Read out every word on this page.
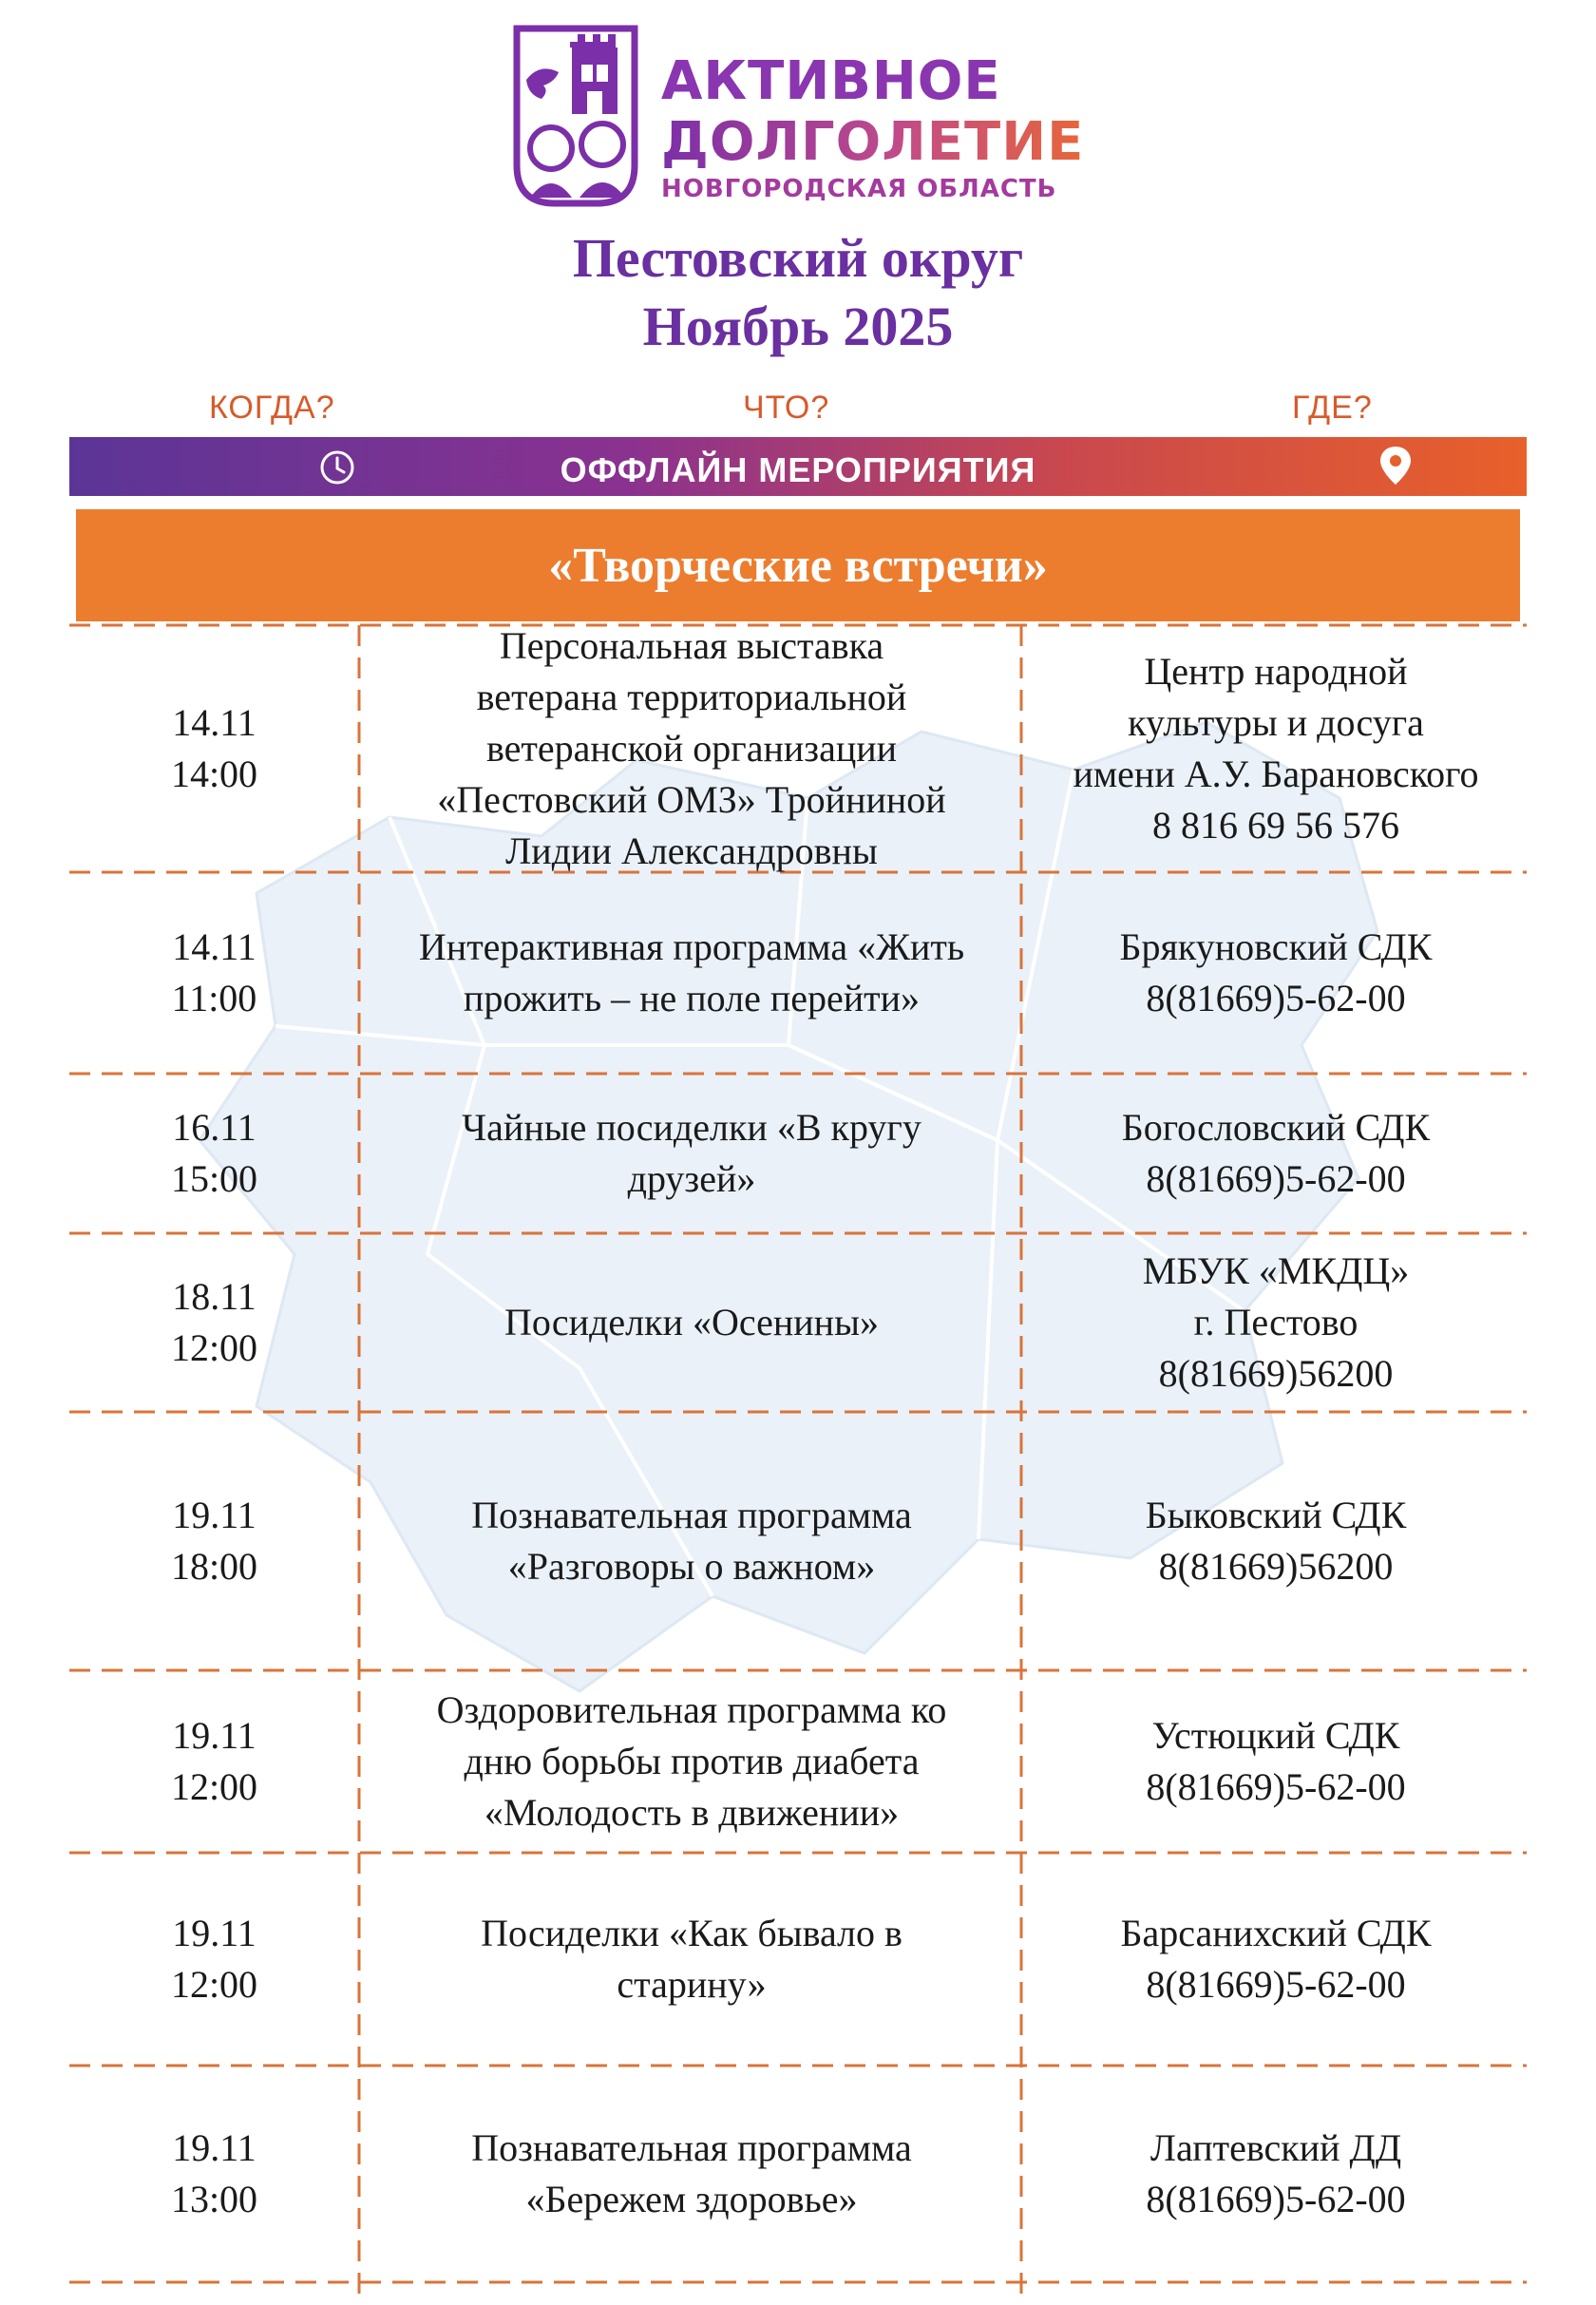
АКТИВНОЕ
ДОЛГОЛЕТИЕ
НОВГОРОДСКАЯ ОБЛАСТЬ
Пестовский округ
Ноябрь 2025
КОГДА?	ЧТО?	ГДЕ?
ОФФЛАЙН МЕРОПРИЯТИЯ
«Творческие встречи»
14.11
14:00
Персональная выставка
ветерана территориальной
ветеранской организации
«Пестовский ОМЗ» Тройниной
Лидии Александровны
Центр народной
культуры и досуга
имени А.У. Барановского
8 816 69 56 576
14.11
11:00
Интерактивная программа «Жить
прожить – не поле перейти»
Брякуновский СДК
8(81669)5-62-00
16.11
15:00
Чайные посиделки «В кругу
друзей»
Богословский СДК
8(81669)5-62-00
18.11
12:00
Посиделки «Осенины»
МБУК «МКДЦ»
г. Пестово
8(81669)56200
19.11
18:00
Познавательная программа
«Разговоры о важном»
Быковский СДК
8(81669)56200
19.11
12:00
Оздоровительная программа ко
дню борьбы против диабета
«Молодость в движении»
Устюцкий СДК
8(81669)5-62-00
19.11
12:00
Посиделки «Как бывало в
старину»
Барсанихский СДК
8(81669)5-62-00
19.11
13:00
Познавательная программа
«Бережем здоровье»
Лаптевский ДД
8(81669)5-62-00
